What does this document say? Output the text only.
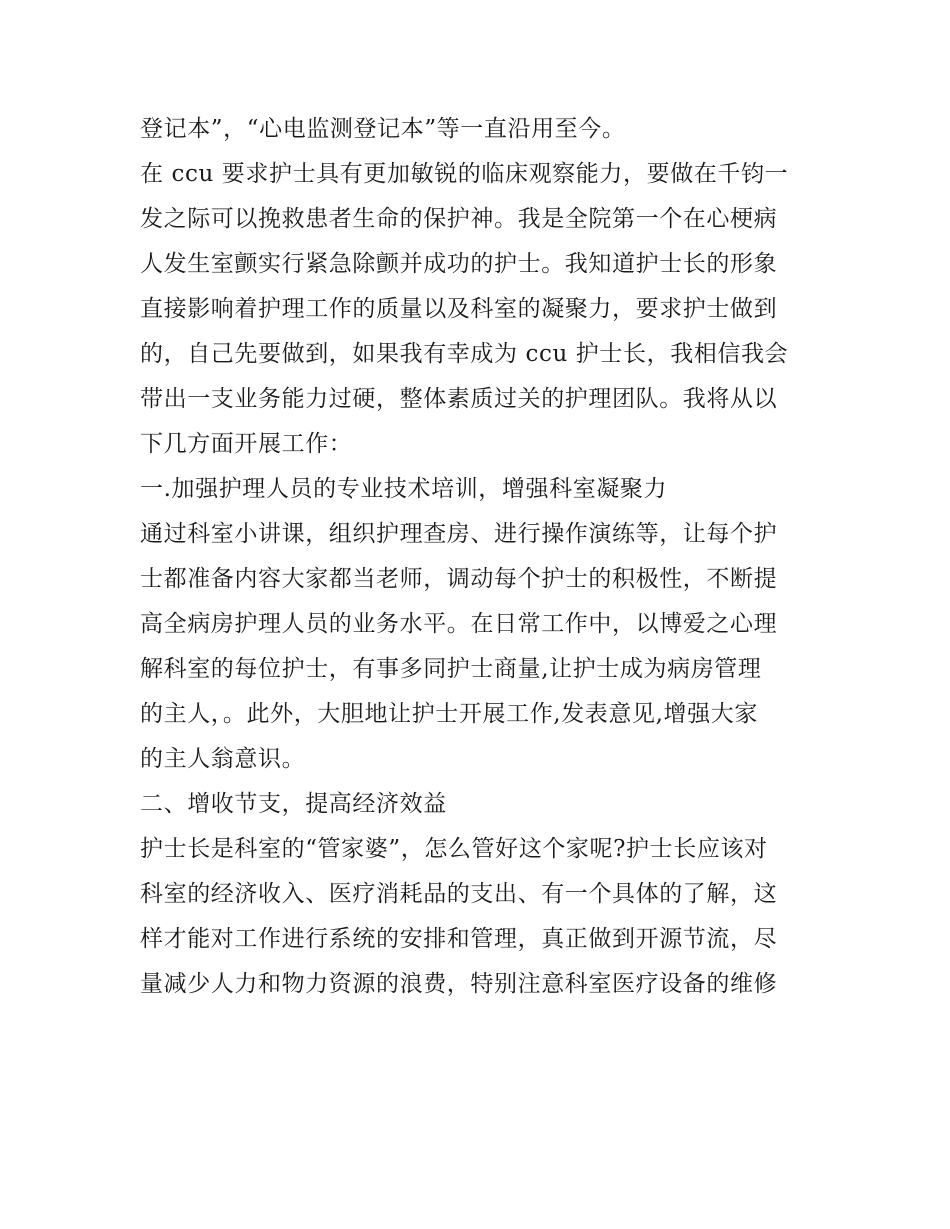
登记本”，“心电监测登记本”等一直沿用至今。
在 ccu 要求护士具有更加敏锐的临床观察能力，要做在千钧一
发之际可以挽救患者生命的保护神。我是全院第一个在心梗病
人发生室颤实行紧急除颤并成功的护士。我知道护士长的形象
直接影响着护理工作的质量以及科室的凝聚力，要求护士做到
的，自己先要做到，如果我有幸成为 ccu 护士长，我相信我会
带出一支业务能力过硬，整体素质过关的护理团队。我将从以
下几方面开展工作：
一.加强护理人员的专业技术培训，增强科室凝聚力
通过科室小讲课，组织护理查房、进行操作演练等，让每个护
士都准备内容大家都当老师，调动每个护士的积极性，不断提
高全病房护理人员的业务水平。在日常工作中，以博爱之心理
解科室的每位护士，有事多同护士商量,让护士成为病房管理
的主人，。此外，大胆地让护士开展工作,发表意见,增强大家
的主人翁意识。
二、增收节支，提高经济效益
护士长是科室的“管家婆”，怎么管好这个家呢?护士长应该对
科室的经济收入、医疗消耗品的支出、有一个具体的了解，这
样才能对工作进行系统的安排和管理，真正做到开源节流，尽
量减少人力和物力资源的浪费，特别注意科室医疗设备的维修
